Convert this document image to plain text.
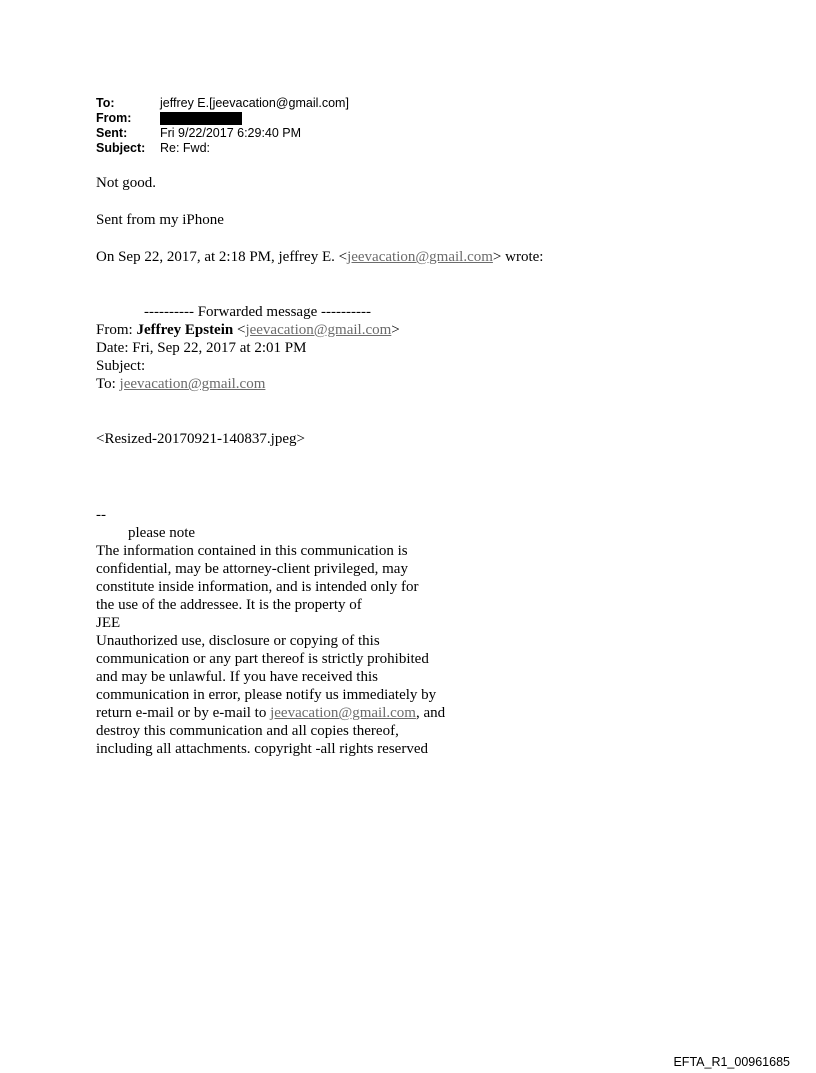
To:	jeffrey E.[jeevacation@gmail.com]
From:
Sent:	Fri 9/22/2017 6:29:40 PM
Subject:	Re: Fwd:
Not good.
Sent from my iPhone
On Sep 22, 2017, at 2:18 PM, jeffrey E. <jeevacation@gmail.com> wrote:
---------- Forwarded message ----------
From: Jeffrey Epstein <jeevacation@gmail.com>
Date: Fri, Sep 22, 2017 at 2:01 PM
Subject:
To: jeevacation@gmail.com
<Resized-20170921-140837.jpeg>
--
please note
The information contained in this communication is
confidential, may be attorney-client privileged, may
constitute inside information, and is intended only for
the use of the addressee. It is the property of
JEE
Unauthorized use, disclosure or copying of this
communication or any part thereof is strictly prohibited
and may be unlawful. If you have received this
communication in error, please notify us immediately by
return e-mail or by e-mail to jeevacation@gmail.com, and
destroy this communication and all copies thereof,
including all attachments. copyright -all rights reserved
EFTA_R1_00961685
